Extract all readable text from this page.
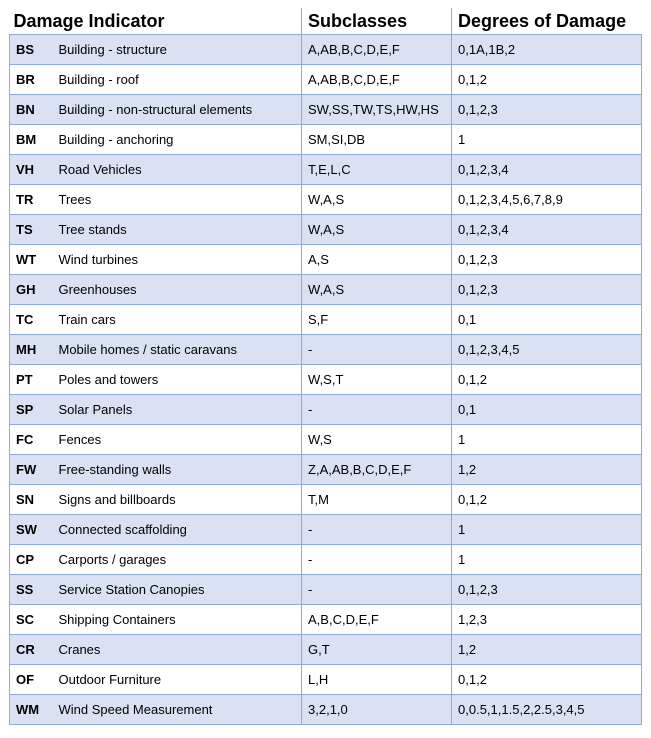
Damage Indicator		Subclasses	Degrees of Damage
BS	Building - structure	A,AB,B,C,D,E,F	0,1A,1B,2
BR	Building - roof	A,AB,B,C,D,E,F	0,1,2
BN	Building - non-structural elements	SW,SS,TW,TS,HW,HS	0,1,2,3
BM	Building - anchoring	SM,SI,DB	1
VH	Road Vehicles	T,E,L,C	0,1,2,3,4
TR	Trees	W,A,S	0,1,2,3,4,5,6,7,8,9
TS	Tree stands	W,A,S	0,1,2,3,4
WT	Wind turbines	A,S	0,1,2,3
GH	Greenhouses	W,A,S	0,1,2,3
TC	Train cars	S,F	0,1
MH	Mobile homes / static caravans	-	0,1,2,3,4,5
PT	Poles and towers	W,S,T	0,1,2
SP	Solar Panels	-	0,1
FC	Fences	W,S	1
FW	Free-standing walls	Z,A,AB,B,C,D,E,F	1,2
SN	Signs and billboards	T,M	0,1,2
SW	Connected scaffolding	-	1
CP	Carports / garages	-	1
SS	Service Station Canopies	-	0,1,2,3
SC	Shipping Containers	A,B,C,D,E,F	1,2,3
CR	Cranes	G,T	1,2
OF	Outdoor Furniture	L,H	0,1,2
WM	Wind Speed Measurement	3,2,1,0	0,0.5,1,1.5,2,2.5,3,4,5
